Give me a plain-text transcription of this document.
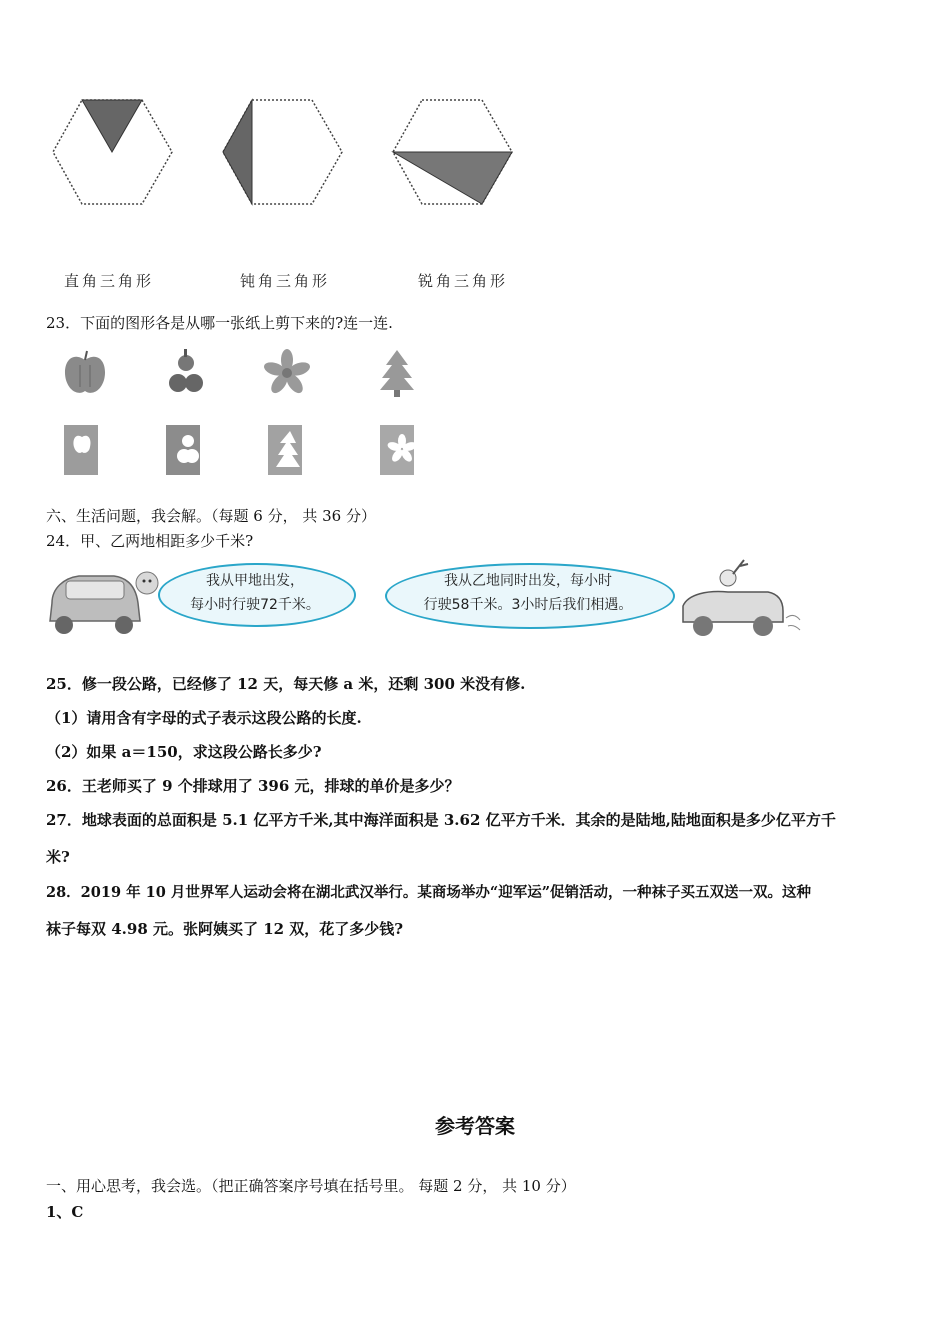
直角三角形	钝角三角形	锐角三角形
23．下面的图形各是从哪一张纸上剪下来的?连一连.
六、生活问题，我会解。（每题 6 分， 共 36 分）
24．甲、乙两地相距多少千米?
我从甲地出发，
每小时行驶72千米。
我从乙地同时出发，每小时
行驶58千米。3小时后我们相遇。
25．修一段公路，已经修了 12 天，每天修 a 米，还剩 300 米没有修.
（1）请用含有字母的式子表示这段公路的长度.
（2）如果 a＝150，求这段公路长多少?
26．王老师买了 9 个排球用了 396 元，排球的单价是多少？
27．地球表面的总面积是 5.1 亿平方千米,其中海洋面积是 3.62 亿平方千米．其余的是陆地,陆地面积是多少亿平方千
米?
28．2019 年 10 月世界军人运动会将在湖北武汉举行。某商场举办“迎军运”促销活动，一种袜子买五双送一双。这种
袜子每双 4.98 元。张阿姨买了 12 双，花了多少钱?
参考答案
一、用心思考，我会选。（把正确答案序号填在括号里。 每题 2 分， 共 10 分）
1、C
